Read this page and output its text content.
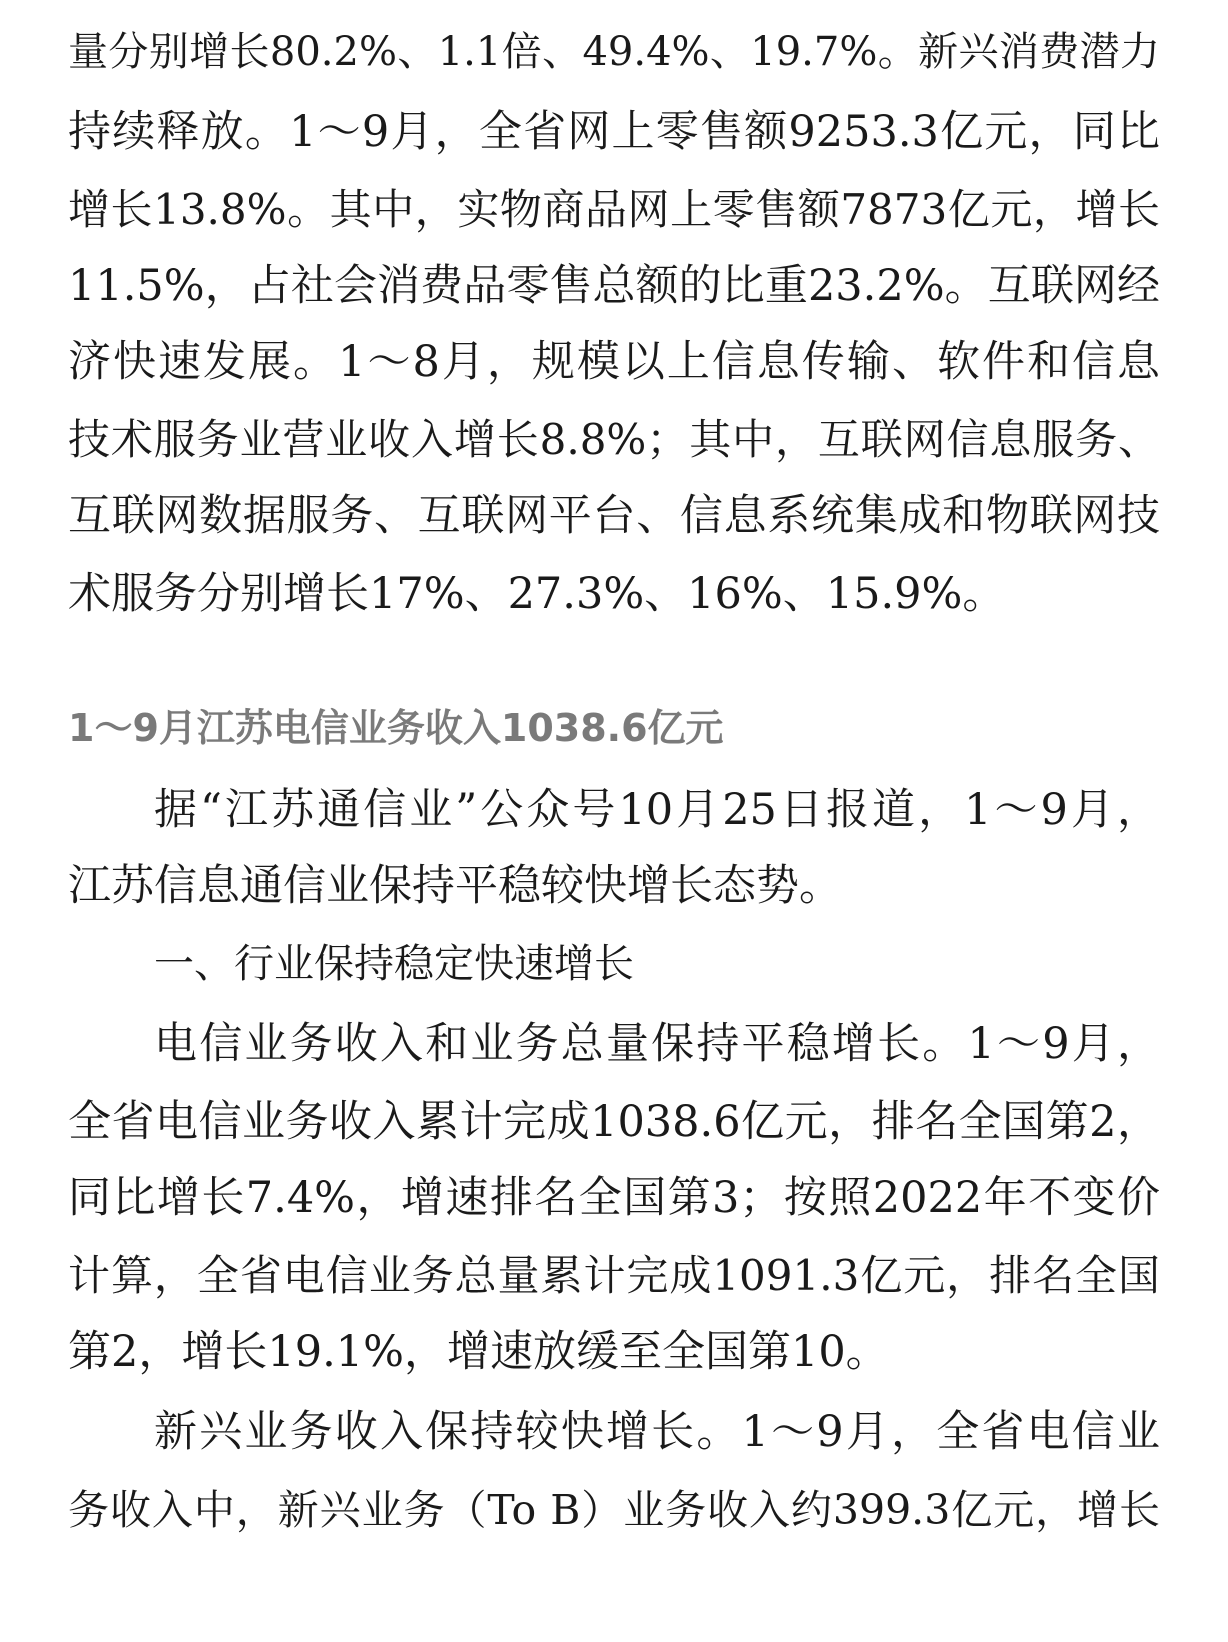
量分别增长80.2%、1.1倍、49.4%、19.7%。新兴消费潜力
持续释放。1～9月，全省网上零售额9253.3亿元，同比
增长13.8%。其中，实物商品网上零售额7873亿元，增长
11.5%，占社会消费品零售总额的比重23.2%。互联网经
济快速发展。1～8月，规模以上信息传输、软件和信息
技术服务业营业收入增长8.8%；其中，互联网信息服务、
互联网数据服务、互联网平台、信息系统集成和物联网技
术服务分别增长17%、27.3%、16%、15.9%。
1～9月江苏电信业务收入1038.6亿元
据“江苏通信业”公众号10月25日报道，1～9月，
江苏信息通信业保持平稳较快增长态势。
一、行业保持稳定快速增长
电信业务收入和业务总量保持平稳增长。1～9月，
全省电信业务收入累计完成1038.6亿元，排名全国第2，
同比增长7.4%，增速排名全国第3；按照2022年不变价
计算，全省电信业务总量累计完成1091.3亿元，排名全国
第2，增长19.1%，增速放缓至全国第10。
新兴业务收入保持较快增长。1～9月，全省电信业
务收入中，新兴业务（To B）业务收入约399.3亿元，增长
